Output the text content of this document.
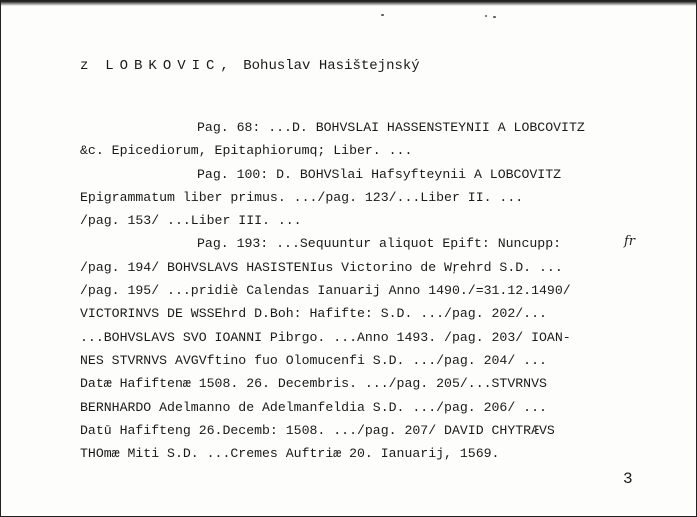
z LOBKOVIC, Bohuslav Hasištejnský
Pag. 68: ...D. BOHVSLAI HASSENSTEYNII A LOBCOVITZ
&c. Epicediorum, Epitaphiorumq; Liber. ...
Pag. 100: D. BOHVSlai Hafsyfteynii A LOBCOVITZ
Epigrammatum liber primus. .../pag. 123/...Liber II. ...
/pag. 153/ ...Liber III. ...
Pag. 193: ...Sequuntur aliquot Epift: Nuncupp:
/pag. 194/ BOHVSLAVS HASISTENIus Victorino de Wŗehrd S.D. ...
/pag. 195/ ...pridiè Calendas Ianuarij Anno 1490./=31.12.1490/
VICTORINVS DE WSSEhrd D.Boh: Hafifte: S.D. .../pag. 202/...
...BOHVSLAVS SVO IOANNI Pibrgo. ...Anno 1493. /pag. 203/ IOAN-
NES STVRNVS AVGVftino fuo Olomucenfi S.D. .../pag. 204/ ...
Datæ Hafiftenæ 1508. 26. Decembris. .../pag. 205/...STVRNVS
BERNHARDO Adelmanno de Adelmanfeldia S.D. .../pag. 206/ ...
Datū Hafifteng 26.Decemb: 1508. .../pag. 207/ DAVID CHYTRÆVS
THOmæ Miti S.D. ...Cremes Auftriæ 20. Ianuarij, 1569.
fr
3
